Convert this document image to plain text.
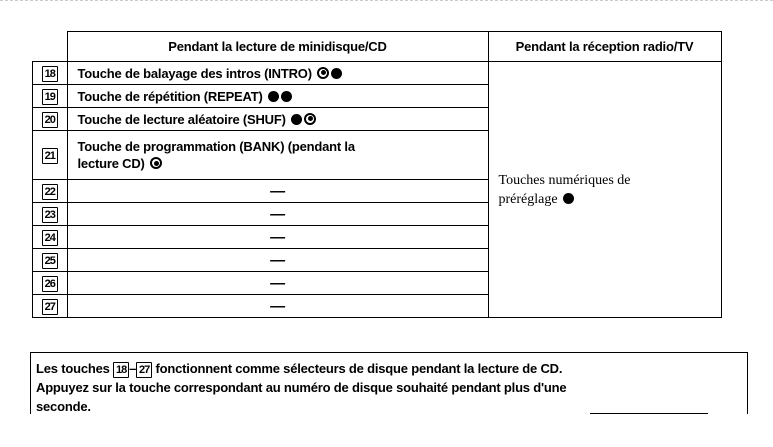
	Pendant la lecture de minidisque/CD	Pendant la réception radio/TV
18	Touche de balayage des intros (INTRO)	Touches numériques de
préréglage

19	Touche de répétition (REPEAT)	
20	Touche de lecture aléatoire (SHUF)	
21	Touche de programmation (BANK) (pendant la
lecture CD)	

22	—	
23	—	
24	—	
25	—	
26	—	
27	—	
Les touches 18 – 27 fonctionnent comme sélecteurs de disque pendant la lecture de CD.
Appuyez sur la touche correspondant au numéro de disque souhaité pendant plus d'une
seconde.
